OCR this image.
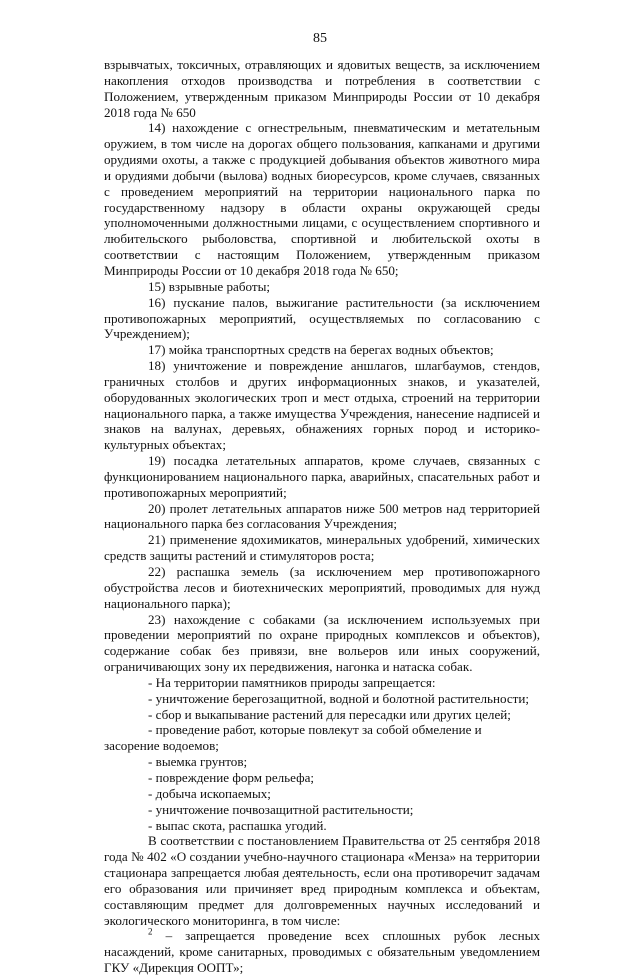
85

взрывчатых, токсичных, отравляющих и ядовитых веществ, за исключением накопления отходов производства и потребления в соответствии с Положением, утвержденным приказом Минприроды России от 10 декабря 2018 года № 650

14) нахождение с огнестрельным, пневматическим и метательным оружием, в том числе на дорогах общего пользования, капканами и другими орудиями охоты, а также с продукцией добывания объектов животного мира и орудиями добычи (вылова) водных биоресурсов, кроме случаев, связанных с проведением мероприятий на территории национального парка по государственному надзору в области охраны окружающей среды уполномоченными должностными лицами, с осуществлением спортивного и любительского рыболовства, спортивной и любительской охоты в соответствии с настоящим Положением, утвержденным приказом Минприроды России от 10 декабря 2018 года № 650;

15) взрывные работы;

16) пускание палов, выжигание растительности (за исключением противопожарных мероприятий, осуществляемых по согласованию с Учреждением);

17) мойка транспортных средств на берегах водных объектов;

18) уничтожение и повреждение аншлагов, шлагбаумов, стендов, граничных столбов и других информационных знаков, и указателей, оборудованных экологических троп и мест отдыха, строений на территории национального парка, а также имущества Учреждения, нанесение надписей и знаков на валунах, деревьях, обнажениях горных пород и историко-культурных объектах;

19) посадка летательных аппаратов, кроме случаев, связанных с функционированием национального парка, аварийных, спасательных работ и противопожарных мероприятий;

20) пролет летательных аппаратов ниже 500 метров над территорией национального парка без согласования Учреждения;

21) применение ядохимикатов, минеральных удобрений, химических средств защиты растений и стимуляторов роста;

22) распашка земель (за исключением мер противопожарного обустройства лесов и биотехнических мероприятий, проводимых для нужд национального парка);

23) нахождение с собаками (за исключением используемых при проведении мероприятий по охране природных комплексов и объектов), содержание собак без привязи, вне вольеров или иных сооружений, ограничивающих зону их передвижения, нагонка и натаска собак.

- На территории памятников природы запрещается:

- уничтожение берегозащитной, водной и болотной растительности;

- сбор и выкапывание растений для пересадки или других целей;

- проведение работ, которые повлекут за собой обмеление и засорение водоемов;

- выемка грунтов;

- повреждение форм рельефа;

- добыча ископаемых;

- уничтожение почвозащитной растительности;

- выпас скота, распашка угодий.

В соответствии с постановлением Правительства от 25 сентября 2018 года № 402 «О создании учебно-научного стационара «Менза» на территории стационара запрещается любая деятельность, если она противоречит задачам его образования или причиняет вред природным комплекса и объектам, составляющим предмет для долговременных научных исследований и экологического мониторинга, в том числе:

$^2$ – запрещается проведение всех сплошных рубок лесных насаждений, кроме санитарных, проводимых с обязательным уведомлением ГКУ «Дирекция ООПТ»;
